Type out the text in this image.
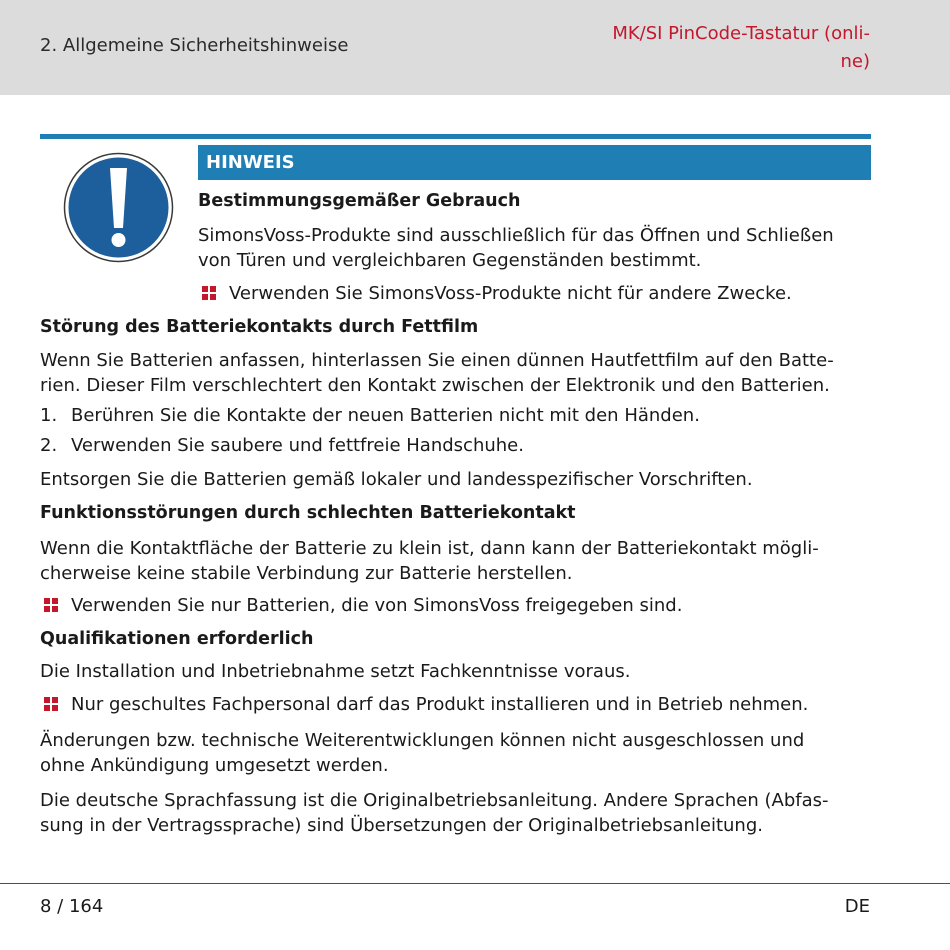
2. Allgemeine Sicherheitshinweise
MK/SI PinCode-Tastatur (onli-
ne)
HINWEIS
Bestimmungsgemäßer Gebrauch
SimonsVoss-Produkte sind ausschließlich für das Öffnen und Schließen
von Türen und vergleichbaren Gegenständen bestimmt.
Verwenden Sie SimonsVoss-Produkte nicht für andere Zwecke.
Störung des Batteriekontakts durch Fettfilm
Wenn Sie Batterien anfassen, hinterlassen Sie einen dünnen Hautfettfilm auf den Batte-
rien. Dieser Film verschlechtert den Kontakt zwischen der Elektronik und den Batterien.
1. Berühren Sie die Kontakte der neuen Batterien nicht mit den Händen.
2. Verwenden Sie saubere und fettfreie Handschuhe.
Entsorgen Sie die Batterien gemäß lokaler und landesspezifischer Vorschriften.
Funktionsstörungen durch schlechten Batteriekontakt
Wenn die Kontaktfläche der Batterie zu klein ist, dann kann der Batteriekontakt mögli-
cherweise keine stabile Verbindung zur Batterie herstellen.
Verwenden Sie nur Batterien, die von SimonsVoss freigegeben sind.
Qualifikationen erforderlich
Die Installation und Inbetriebnahme setzt Fachkenntnisse voraus.
Nur geschultes Fachpersonal darf das Produkt installieren und in Betrieb nehmen.
Änderungen bzw. technische Weiterentwicklungen können nicht ausgeschlossen und
ohne Ankündigung umgesetzt werden.
Die deutsche Sprachfassung ist die Originalbetriebsanleitung. Andere Sprachen (Abfas-
sung in der Vertragssprache) sind Übersetzungen der Originalbetriebsanleitung.
8 / 164	DE
